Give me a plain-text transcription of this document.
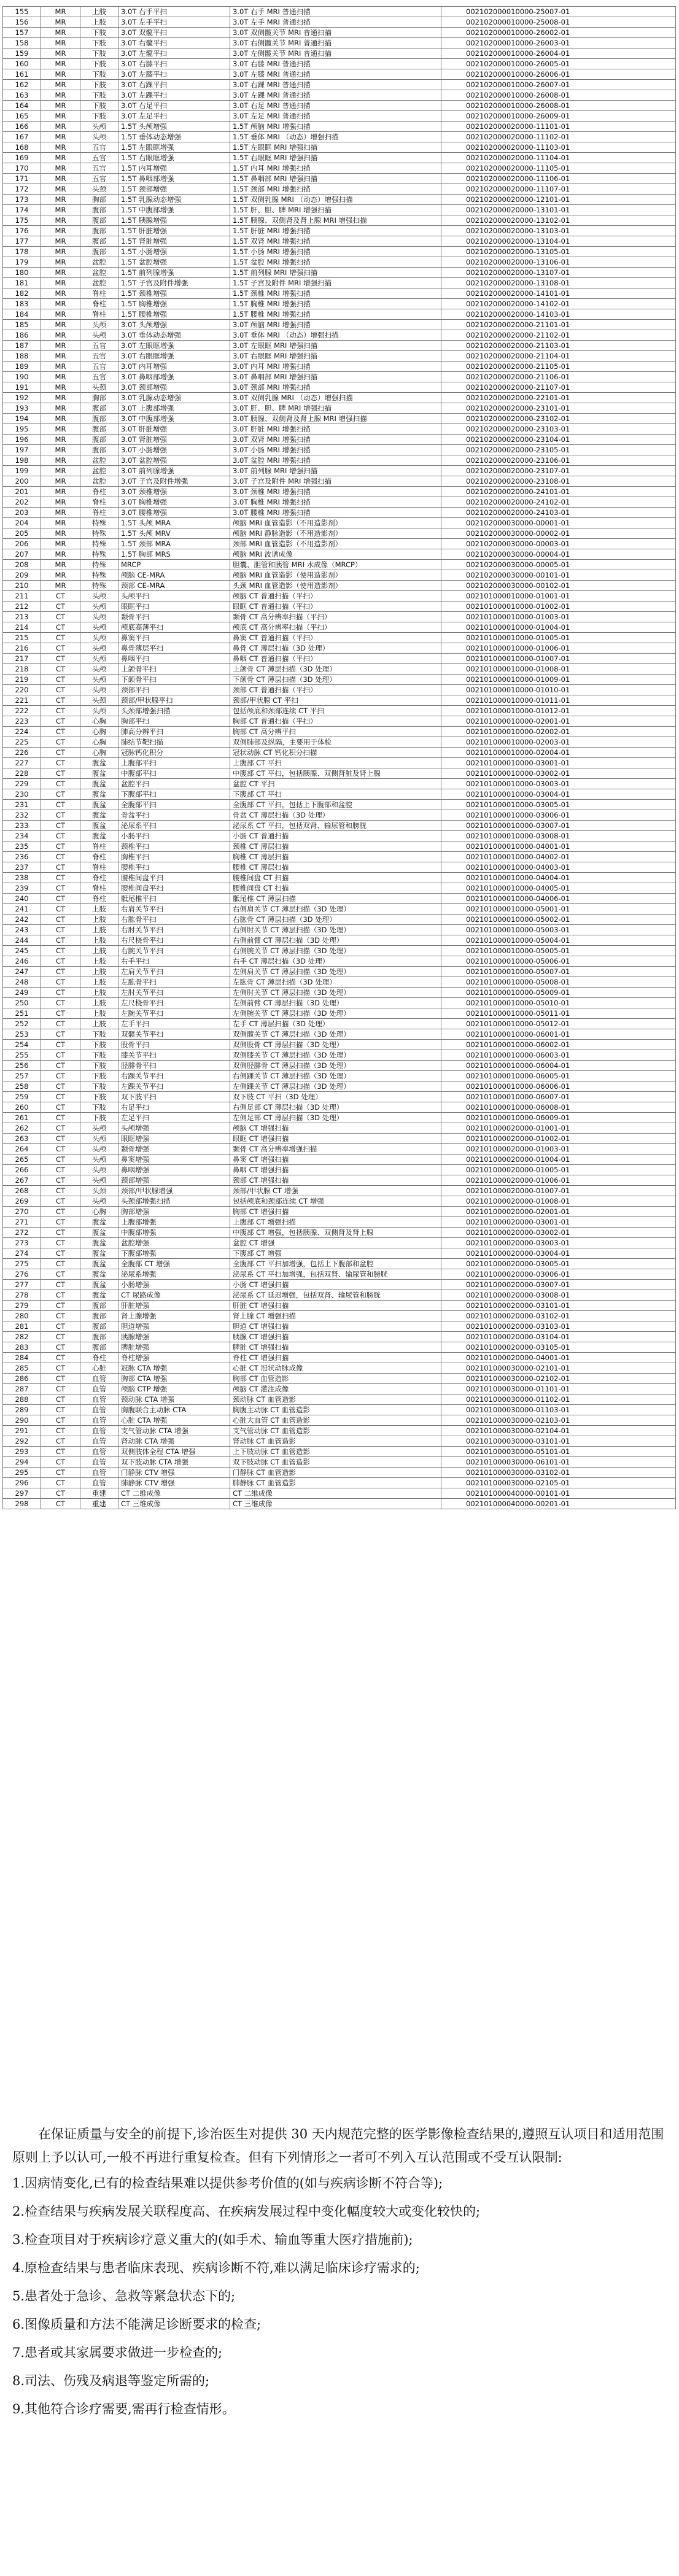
155	MR	上肢	3.0T 右手平扫	3.0T 右手 MRI 普通扫描	002102000010000-25007-01
156	MR	上肢	3.0T 左手平扫	3.0T 左手 MRI 普通扫描	002102000010000-25008-01
157	MR	下肢	3.0T 双髋平扫	3.0T 双侧髋关节 MRI 普通扫描	002102000010000-26002-01
158	MR	下肢	3.0T 右髋平扫	3.0T 右侧髋关节 MRI 普通扫描	002102000010000-26003-01
159	MR	下肢	3.0T 左髋平扫	3.0T 左侧髋关节 MRI 普通扫描	002102000010000-26004-01
160	MR	下肢	3.0T 右膝平扫	3.0T 右膝 MRI 普通扫描	002102000010000-26005-01
161	MR	下肢	3.0T 左膝平扫	3.0T 左膝 MRI 普通扫描	002102000010000-26006-01
162	MR	下肢	3.0T 右踝平扫	3.0T 右踝 MRI 普通扫描	002102000010000-26007-01
163	MR	下肢	3.0T 左踝平扫	3.0T 左踝 MRI 普通扫描	002102000010000-26008-01
164	MR	下肢	3.0T 右足平扫	3.0T 右足 MRI 普通扫描	002102000010000-26008-01
165	MR	下肢	3.0T 左足平扫	3.0T 左足 MRI 普通扫描	002102000010000-26009-01
166	MR	头颅	1.5T 头颅增强	1.5T 颅脑 MRI 增强扫描	002102000020000-11101-01
167	MR	头颅	1.5T 垂体动态增强	1.5T 垂体 MRI （动态）增强扫描	002102000020000-11102-01
168	MR	五官	1.5T 左眼眶增强	1.5T 左眼眶 MRI 增强扫描	002102000020000-11103-01
169	MR	五官	1.5T 右眼眶增强	1.5T 右眼眶 MRI 增强扫描	002102000020000-11104-01
170	MR	五官	1.5T 内耳增强	1.5T 内耳 MRI 增强扫描	002102000020000-11105-01
171	MR	五官	1.5T 鼻咽部增强	1.5T 鼻咽部 MRI 增强扫描	002102000020000-11106-01
172	MR	头颈	1.5T 颈部增强	1.5T 颈部 MRI 增强扫描	002102000020000-11107-01
173	MR	胸部	1.5T 乳腺动态增强	1.5T 双侧乳腺 MRI （动态）增强扫描	002102000020000-12101-01
174	MR	腹部	1.5T 中腹部增强	1.5T 肝、胆、脾 MRI 增强扫描	002102000020000-13101-01
175	MR	腹部	1.5T 胰腺增强	1.5T 胰腺、双侧肾及肾上腺 MRI 增强扫描	002102000020000-13102-01
176	MR	腹部	1.5T 肝脏增强	1.5T 肝脏 MRI 增强扫描	002102000020000-13103-01
177	MR	腹部	1.5T 肾脏增强	1.5T 双肾 MRI 增强扫描	002102000020000-13104-01
178	MR	腹部	1.5T 小肠增强	1.5T 小肠 MRI 增强扫描	002102000020000-13105-01
179	MR	盆腔	1.5T 盆腔增强	1.5T 盆腔 MRI 增强扫描	002102000020000-13106-01
180	MR	盆腔	1.5T 前列腺增强	1.5T 前列腺 MRI 增强扫描	002102000020000-13107-01
181	MR	盆腔	1.5T 子宫及附件增强	1.5T 子宫及附件 MRI 增强扫描	002102000020000-13108-01
182	MR	脊柱	1.5T 颈椎增强	1.5T 颈椎 MRI 增强扫描	002102000020000-14101-01
183	MR	脊柱	1.5T 胸椎增强	1.5T 胸椎 MRI 增强扫描	002102000020000-14102-01
184	MR	脊柱	1.5T 腰椎增强	1.5T 腰椎 MRI 增强扫描	002102000020000-14103-01
185	MR	头颅	3.0T 头颅增强	3.0T 颅脑 MRI 增强扫描	002102000020000-21101-01
186	MR	头颅	3.0T 垂体动态增强	3.0T 垂体 MRI （动态）增强扫描	002102000020000-21102-01
187	MR	五官	3.0T 左眼眶增强	3.0T 左眼眶 MRI 增强扫描	002102000020000-21103-01
188	MR	五官	3.0T 右眼眶增强	3.0T 右眼眶 MRI 增强扫描	002102000020000-21104-01
189	MR	五官	3.0T 内耳增强	3.0T 内耳 MRI 增强扫描	002102000020000-21105-01
190	MR	五官	3.0T 鼻咽部增强	3.0T 鼻咽部 MRI 增强扫描	002102000020000-21106-01
191	MR	头颈	3.0T 颈部增强	3.0T 颈部 MRI 增强扫描	002102000020000-21107-01
192	MR	胸部	3.0T 乳腺动态增强	3.0T 双侧乳腺 MRI （动态）增强扫描	002102000020000-22101-01
193	MR	腹部	3.0T 上腹部增强	3.0T 肝、胆、脾 MRI 增强扫描	002102000020000-23101-01
194	MR	腹部	3.0T 中腹部增强	3.0T 胰腺、双侧肾及肾上腺 MRI 增强扫描	002102000020000-23102-01
195	MR	腹部	3.0T 肝脏增强	3.0T 肝脏 MRI 增强扫描	002102000020000-23103-01
196	MR	腹部	3.0T 肾脏增强	3.0T 双肾 MRI 增强扫描	002102000020000-23104-01
197	MR	腹部	3.0T 小肠增强	3.0T 小肠 MRI 增强扫描	002102000020000-23105-01
198	MR	盆腔	3.0T 盆腔增强	3.0T 盆腔 MRI 增强扫描	002102000020000-23106-01
199	MR	盆腔	3.0T 前列腺增强	3.0T 前列腺 MRI 增强扫描	002102000020000-23107-01
200	MR	盆腔	3.0T 子宫及附件增强	3.0T 子宫及附件 MRI 增强扫描	002102000020000-23108-01
201	MR	脊柱	3.0T 颈椎增强	3.0T 颈椎 MRI 增强扫描	002102000020000-24101-01
202	MR	脊柱	3.0T 胸椎增强	3.0T 胸椎 MRI 增强扫描	002102000020000-24102-01
203	MR	脊柱	3.0T 腰椎增强	3.0T 腰椎 MRI 增强扫描	002102000020000-24103-01
204	MR	特殊	1.5T 头颅 MRA	颅脑 MRI 血管造影（不用造影剂）	002102000030000-00001-01
205	MR	特殊	1.5T 头颅 MRV	颅脑 MRI 静脉造影（不用造影剂）	002102000030000-00002-01
206	MR	特殊	1.5T 颈部 MRA	颈部 MRI 血管造影（不用造影剂）	002102000030000-00003-01
207	MR	特殊	1.5T 胸部 MRS	颅脑 MRI 波谱成像	002102000030000-00004-01
208	MR	特殊	MRCP	胆囊、胆管和胰管 MRI 水成像（MRCP）	002102000030000-00005-01
209	MR	特殊	颅脑 CE-MRA	颅脑 MRI 血管造影（使用造影剂）	002102000030000-00101-01
210	MR	特殊	颈部 CE-MRA	头颈 MRI 血管造影（使用造影剂）	002102000030000-00102-01
211	CT	头颅	头颅平扫	颅脑 CT 普通扫描（平扫）	002101000010000-01001-01
212	CT	头颅	眼眶平扫	眼眶 CT 普通扫描（平扫）	002101000010000-01002-01
213	CT	头颅	颞骨平扫	颞骨 CT 高分辨率扫描（平扫）	002101000010000-01003-01
214	CT	头颅	颅底高薄平扫	颅底 CT 高分辨率扫描（平扫）	002101000010000-01004-01
215	CT	头颅	鼻窦平扫	鼻窦 CT 普通扫描（平扫）	002101000010000-01005-01
216	CT	头颅	鼻骨薄层平扫	鼻骨 CT 薄层扫描（3D 处理）	002101000010000-01006-01
217	CT	头颅	鼻咽平扫	鼻咽 CT 普通扫描（平扫）	002101000010000-01007-01
218	CT	头颅	上颌骨平扫	上颌骨 CT 薄层扫描（3D 处理）	002101000010000-01008-01
219	CT	头颅	下颌骨平扫	下颌骨 CT 薄层扫描（3D 处理）	002101000010000-01009-01
220	CT	头颅	颈部平扫	颈部 CT 普通扫描（平扫）	002101000010000-01010-01
221	CT	头颈	颈部/甲状腺平扫	颈部/甲状腺 CT 平扫	002101000010000-01011-01
222	CT	头颅	头颈部增强扫描	包括颅底和颈部连续 CT 平扫	002101000010000-01012-01
223	CT	心胸	胸部平扫	胸部 CT 普通扫描（平扫）	002101000010000-02001-01
224	CT	心胸	肺高分辨平扫	胸部 CT 高分辨平扫	002101000010000-02002-01
225	CT	心胸	肺结节靶扫描	双侧肺部及纵隔，主要用于体检	002101000010000-02003-01
226	CT	心胸	冠脉钙化积分	冠状动脉 CT 钙化积分扫描	002101000010000-02004-01
227	CT	腹盆	上腹部平扫	上腹部 CT 平扫	002101000010000-03001-01
228	CT	腹盆	中腹部平扫	中腹部 CT 平扫，包括胰腺、双侧肾脏及肾上腺	002101000010000-03002-01
229	CT	腹盆	盆腔平扫	盆腔 CT 平扫	002101000010000-03003-01
230	CT	腹盆	下腹部平扫	下腹部 CT 平扫	002101000010000-03004-01
231	CT	腹盆	全腹部平扫	全腹部 CT 平扫，包括上下腹部和盆腔	002101000010000-03005-01
232	CT	腹盆	骨盆平扫	骨盆 CT 薄层扫描（3D 处理）	002101000010000-03006-01
233	CT	腹盆	泌尿系平扫	泌尿系 CT 平扫，包括双肾、输尿管和膀胱	002101000010000-03007-01
234	CT	腹盆	小肠平扫	小肠 CT 普通扫描	002101000010000-03008-01
235	CT	脊柱	颈椎平扫	颈椎 CT 薄层扫描	002101000010000-04001-01
236	CT	脊柱	胸椎平扫	胸椎 CT 薄层扫描	002101000010000-04002-01
237	CT	脊柱	腰椎平扫	腰椎 CT 薄层扫描	002101000010000-04003-01
238	CT	脊柱	腰椎间盘平扫	腰椎间盘 CT 扫描	002101000010000-04004-01
239	CT	脊柱	腰椎间盘平扫	腰椎间盘 CT 扫描	002101000010000-04005-01
240	CT	脊柱	骶尾椎平扫	骶尾椎 CT 薄层扫描	002101000010000-04006-01
241	CT	上肢	右肩关节平扫	右侧肩关节 CT 薄层扫描（3D 处理）	002101000010000-05001-01
242	CT	上肢	右肱骨平扫	右肱骨 CT 薄层扫描（3D 处理）	002101000010000-05002-01
243	CT	上肢	右肘关节平扫	右侧肘关节 CT 薄层扫描（3D 处理）	002101000010000-05003-01
244	CT	上肢	右尺桡骨平扫	右侧前臂 CT 薄层扫描（3D 处理）	002101000010000-05004-01
245	CT	上肢	右腕关节平扫	右侧腕关节 CT 薄层扫描（3D 处理）	002101000010000-05005-01
246	CT	上肢	右手平扫	右手 CT 薄层扫描（3D 处理）	002101000010000-05006-01
247	CT	上肢	左肩关节平扫	左侧肩关节 CT 薄层扫描（3D 处理）	002101000010000-05007-01
248	CT	上肢	左肱骨平扫	左肱骨 CT 薄层扫描（3D 处理）	002101000010000-05008-01
249	CT	上肢	左肘关节平扫	左侧肘关节 CT 薄层扫描（3D 处理）	002101000010000-05009-01
250	CT	上肢	左尺桡骨平扫	左侧前臂 CT 薄层扫描（3D 处理）	002101000010000-05010-01
251	CT	上肢	左腕关节平扫	左侧腕关节 CT 薄层扫描（3D 处理）	002101000010000-05011-01
252	CT	上肢	左手平扫	左手 CT 薄层扫描（3D 处理）	002101000010000-05012-01
253	CT	下肢	双髋关节平扫	双侧髋关节 CT 薄层扫描（3D 处理）	002101000010000-06001-01
254	CT	下肢	股骨平扫	双侧股骨 CT 薄层扫描（3D 处理）	002101000010000-06002-01
255	CT	下肢	膝关节平扫	双侧膝关节 CT 薄层扫描（3D 处理）	002101000010000-06003-01
256	CT	下肢	胫腓骨平扫	双侧胫腓骨 CT 薄层扫描（3D 处理）	002101000010000-06004-01
257	CT	下肢	右踝关节平扫	右侧踝关节 CT 薄层扫描（3D 处理）	002101000010000-06005-01
258	CT	下肢	左踝关节平扫	左侧踝关节 CT 薄层扫描（3D 处理）	002101000010000-06006-01
259	CT	下肢	双下肢平扫	双下肢 CT 平扫（3D 处理）	002101000010000-06007-01
260	CT	下肢	右足平扫	右侧足部 CT 薄层扫描（3D 处理）	002101000010000-06008-01
261	CT	下肢	左足平扫	左侧足部 CT 薄层扫描（3D 处理）	002101000010000-06009-01
262	CT	头颅	头颅增强	颅脑 CT 增强扫描	002101000020000-01001-01
263	CT	头颅	眼眶增强	眼眶 CT 增强扫描	002101000020000-01002-01
264	CT	头颅	颞骨增强	颞骨 CT 高分辨率增强扫描	002101000020000-01003-01
265	CT	头颅	鼻窦增强	鼻窦 CT 增强扫描	002101000020000-01004-01
266	CT	头颅	鼻咽增强	鼻咽 CT 增强扫描	002101000020000-01005-01
267	CT	头颅	颈部增强	颈部 CT 增强扫描	002101000020000-01006-01
268	CT	头颈	颈部/甲状腺增强	颈部/甲状腺 CT 增强	002101000020000-01007-01
269	CT	头颅	头颈部增强扫描	包括颅底和颈部连续 CT 增强	002101000020000-01008-01
270	CT	心胸	胸部增强	胸部 CT 增强扫描	002101000020000-02001-01
271	CT	腹盆	上腹部增强	上腹部 CT 增强扫描	002101000020000-03001-01
272	CT	腹盆	中腹部增强	中腹部 CT 增强，包括胰腺、双侧肾及肾上腺	002101000020000-03002-01
273	CT	腹盆	盆腔增强	盆腔 CT 增强	002101000020000-03003-01
274	CT	腹盆	下腹部增强	下腹部 CT 增强	002101000020000-03004-01
275	CT	腹盆	全腹部 CT 增强	全腹部 CT 平扫加增强，包括上下腹部和盆腔	002101000020000-03005-01
276	CT	腹盆	泌尿系增强	泌尿系 CT 平扫加增强，包括双肾、输尿管和膀胱	002101000020000-03006-01
277	CT	腹盆	小肠增强	小肠 CT 增强扫描	002101000020000-03007-01
278	CT	腹盆	CT 尿路成像	泌尿系 CT 延迟增强，包括双肾、输尿管和膀胱	002101000020000-03008-01
279	CT	腹部	肝脏增强	肝脏 CT 增强扫描	002101000020000-03101-01
280	CT	腹部	肾上腺增强	肾上腺 CT 增强扫描	002101000020000-03102-01
281	CT	腹部	胆道增强	胆道 CT 增强扫描	002101000020000-03103-01
282	CT	腹部	胰腺增强	胰腺 CT 增强扫描	002101000020000-03104-01
283	CT	腹部	脾脏增强	脾脏 CT 增强扫描	002101000020000-03105-01
284	CT	脊柱	脊柱增强	脊柱 CT 增强扫描	002101000020000-04001-01
285	CT	心脏	冠脉 CTA 增强	心脏 CT 冠状动脉成像	002101000030000-02101-01
286	CT	血管	胸部 CTA 增强	胸部 CT 血管造影	002101000030000-02102-01
287	CT	血管	颅脑 CTP 增强	颅脑 CT 灌注成像	002101000030000-01101-01
288	CT	血管	颈动脉 CTA 增强	颈动脉 CT 血管造影	002101000030000-01102-01
289	CT	血管	胸腹联合主动脉 CTA	胸腹主动脉 CT 血管造影	002101000030000-01103-01
290	CT	血管	心脏 CTA 增强	心脏大血管 CT 血管造影	002101000030000-02103-01
291	CT	血管	支气管动脉 CTA 增强	支气管动脉 CT 血管造影	002101000030000-02104-01
292	CT	血管	肾动脉 CTA 增强	肾动脉 CT 血管造影	002101000030000-03101-01
293	CT	血管	双侧肢体全程 CTA 增强	上下肢动脉 CT 血管造影	002101000030000-05101-01
294	CT	血管	双下肢动脉 CTA 增强	双下肢动脉 CT 血管造影	002101000030000-06101-01
295	CT	血管	门静脉 CTV 增强	门静脉 CT 血管造影	002101000030000-03102-01
296	CT	血管	肺静脉 CTV 增强	肺静脉 CT 血管造影	002101000030000-02105-01
297	CT	重建	CT 二维成像	CT 二维成像	002101000040000-00101-01
298	CT	重建	CT 三维成像	CT 三维成像	002101000040000-00201-01

在保证质量与安全的前提下,诊治医生对提供 30 天内规范完整的医学影像检查结果的,遵照互认项目和适用范围原则上予以认可,一般不再进行重复检查。但有下列情形之一者可不列入互认范围或不受互认限制:

1.因病情变化,已有的检查结果难以提供参考价值的(如与疾病诊断不符合等);
2.检查结果与疾病发展关联程度高、在疾病发展过程中变化幅度较大或变化较快的;
3.检查项目对于疾病诊疗意义重大的(如手术、输血等重大医疗措施前);
4.原检查结果与患者临床表现、疾病诊断不符,难以满足临床诊疗需求的;
5.患者处于急诊、急救等紧急状态下的;
6.图像质量和方法不能满足诊断要求的检查;
7.患者或其家属要求做进一步检查的;
8.司法、伤残及病退等鉴定所需的;
9.其他符合诊疗需要,需再行检查情形。
